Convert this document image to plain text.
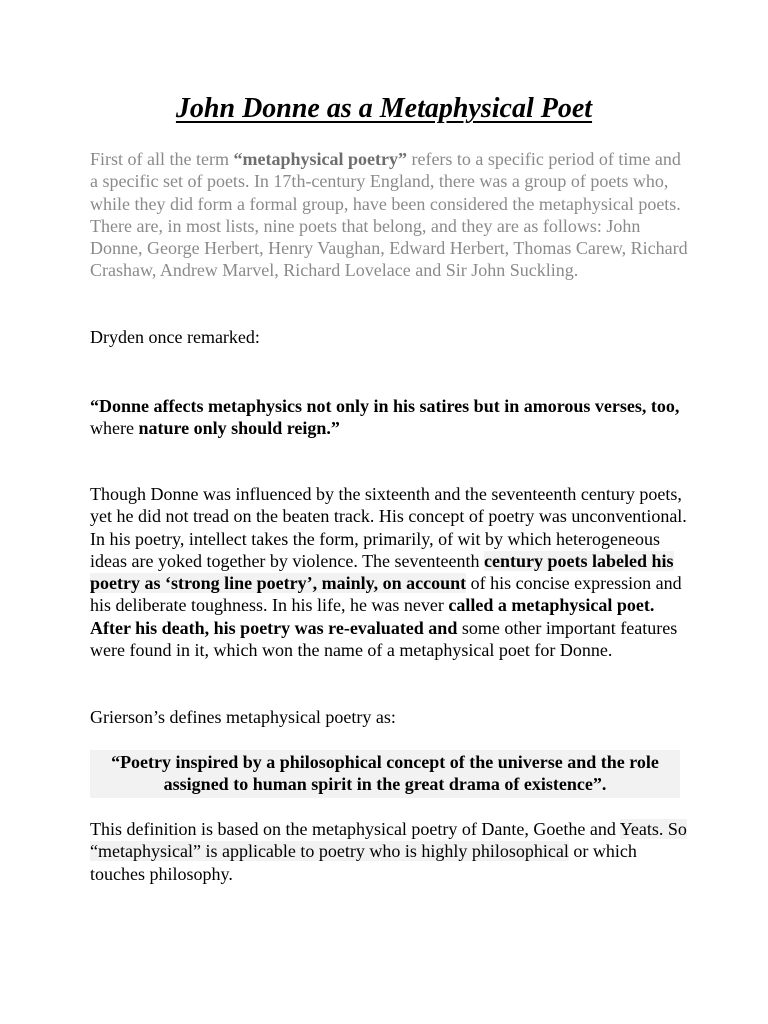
John Donne as a Metaphysical Poet

First of all the term “metaphysical poetry” refers to a specific period of time and a specific set of poets. In 17th-century England, there was a group of poets who, while they did form a formal group, have been considered the metaphysical poets. There are, in most lists, nine poets that belong, and they are as follows: John Donne, George Herbert, Henry Vaughan, Edward Herbert, Thomas Carew, Richard Crashaw, Andrew Marvel, Richard Lovelace and Sir John Suckling.

Dryden once remarked:

“Donne affects metaphysics not only in his satires but in amorous verses, too, where nature only should reign.”

Though Donne was influenced by the sixteenth and the seventeenth century poets, yet he did not tread on the beaten track. His concept of poetry was unconventional. In his poetry, intellect takes the form, primarily, of wit by which heterogeneous ideas are yoked together by violence. The seventeenth century poets labeled his poetry as ‘strong line poetry’, mainly, on account of his concise expression and his deliberate toughness. In his life, he was never called a metaphysical poet. After his death, his poetry was re-evaluated and some other important features were found in it, which won the name of a metaphysical poet for Donne.

Grierson’s defines metaphysical poetry as:

“Poetry inspired by a philosophical concept of the universe and the role assigned to human spirit in the great drama of existence”.

This definition is based on the metaphysical poetry of Dante, Goethe and Yeats. So “metaphysical” is applicable to poetry who is highly philosophical or which touches philosophy.
